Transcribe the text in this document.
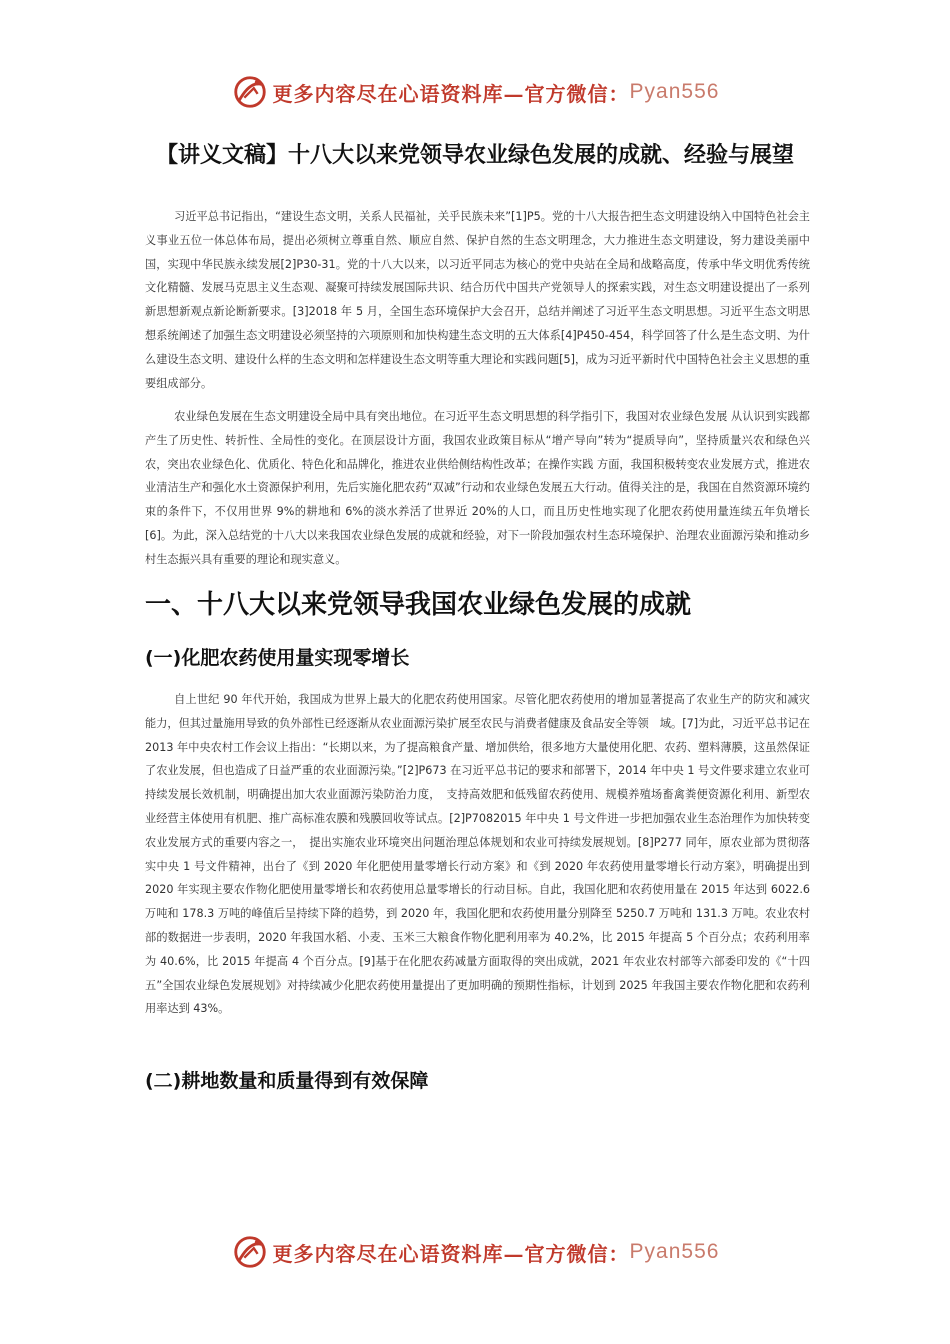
更多内容尽在心语资料库—官方微信： Pyan556
【讲义文稿】十八大以来党领导农业绿色发展的成就、经验与展望

习近平总书记指出，“建设生态文明，关系人民福祉，关乎民族未来”[1]P5。党的十八大报告把生态文明建设纳入中国特色社会主义事业五位一体总体布局，提出必须树立尊重自然、顺应自然、保护自然的生态文明理念，大力推进生态文明建设，努力建设美丽中国，实现中华民族永续发展[2]P30-31。党的十八大以来，以习近平同志为核心的党中央站在全局和战略高度，传承中华文明优秀传统文化精髓、发展马克思主义生态观、凝聚可持续发展国际共识、结合历代中国共产党领导人的探索实践，对生态文明建设提出了一系列新思想新观点新论断新要求。[3]2018 年 5 月，全国生态环境保护大会召开，总结并阐述了习近平生态文明思想。习近平生态文明思想系统阐述了加强生态文明建设必须坚持的六项原则和加快构建生态文明的五大体系[4]P450-454，科学回答了什么是生态文明、为什么建设生态文明、建设什么样的生态文明和怎样建设生态文明等重大理论和实践问题[5]，成为习近平新时代中国特色社会主义思想的重要组成部分。

农业绿色发展在生态文明建设全局中具有突出地位。在习近平生态文明思想的科学指引下，我国对农业绿色发展 从认识到实践都产生了历史性、转折性、全局性的变化。在顶层设计方面，我国农业政策目标从“增产导向”转为“提质导向”，坚持质量兴农和绿色兴农，突出农业绿色化、优质化、特色化和品牌化，推进农业供给侧结构性改革；在操作实践 方面，我国积极转变农业发展方式，推进农业清洁生产和强化水土资源保护利用，先后实施化肥农药“双减”行动和农业绿色发展五大行动。值得关注的是，我国在自然资源环境约束的条件下，不仅用世界 9%的耕地和 6%的淡水养活了世界近 20%的人口，而且历史性地实现了化肥农药使用量连续五年负增长[6]。为此，深入总结党的十八大以来我国农业绿色发展的成就和经验，对下一阶段加强农村生态环境保护、治理农业面源污染和推动乡村生态振兴具有重要的理论和现实意义。

一、十八大以来党领导我国农业绿色发展的成就
(一)化肥农药使用量实现零增长

自上世纪 90 年代开始，我国成为世界上最大的化肥农药使用国家。尽管化肥农药使用的增加显著提高了农业生产的防灾和减灾能力，但其过量施用导致的负外部性已经逐渐从农业面源污染扩展至农民与消费者健康及食品安全等领　域。[7]为此，习近平总书记在 2013 年中央农村工作会议上指出：“长期以来，为了提高粮食产量、增加供给，很多地方大量使用化肥、农药、塑料薄膜，这虽然保证了农业发展，但也造成了日益严重的农业面源污染。”[2]P673 在习近平总书记的要求和部署下，2014 年中央 1 号文件要求建立农业可持续发展长效机制，明确提出加大农业面源污染防治力度，　支持高效肥和低残留农药使用、规模养殖场畜禽粪便资源化利用、新型农业经营主体使用有机肥、推广高标准农膜和残膜回收等试点。[2]P7082015 年中央 1 号文件进一步把加强农业生态治理作为加快转变农业发展方式的重要内容之一，　提出实施农业环境突出问题治理总体规划和农业可持续发展规划。[8]P277 同年，原农业部为贯彻落实中央 1 号文件精神，出台了《到 2020 年化肥使用量零增长行动方案》和《到 2020 年农药使用量零增长行动方案》，明确提出到 2020 年实现主要农作物化肥使用量零增长和农药使用总量零增长的行动目标。自此，我国化肥和农药使用量在 2015 年达到 6022.6 万吨和 178.3 万吨的峰值后呈持续下降的趋势，到 2020 年，我国化肥和农药使用量分别降至 5250.7 万吨和 131.3 万吨。农业农村部的数据进一步表明，2020 年我国水稻、小麦、玉米三大粮食作物化肥利用率为 40.2%，比 2015 年提高 5 个百分点；农药利用率为 40.6%，比 2015 年提高 4 个百分点。[9]基于在化肥农药减量方面取得的突出成就，2021 年农业农村部等六部委印发的《“十四五”全国农业绿色发展规划》对持续减少化肥农药使用量提出了更加明确的预期性指标，计划到 2025 年我国主要农作物化肥和农药利用率达到 43%。

(二)耕地数量和质量得到有效保障
更多内容尽在心语资料库—官方微信： Pyan556
